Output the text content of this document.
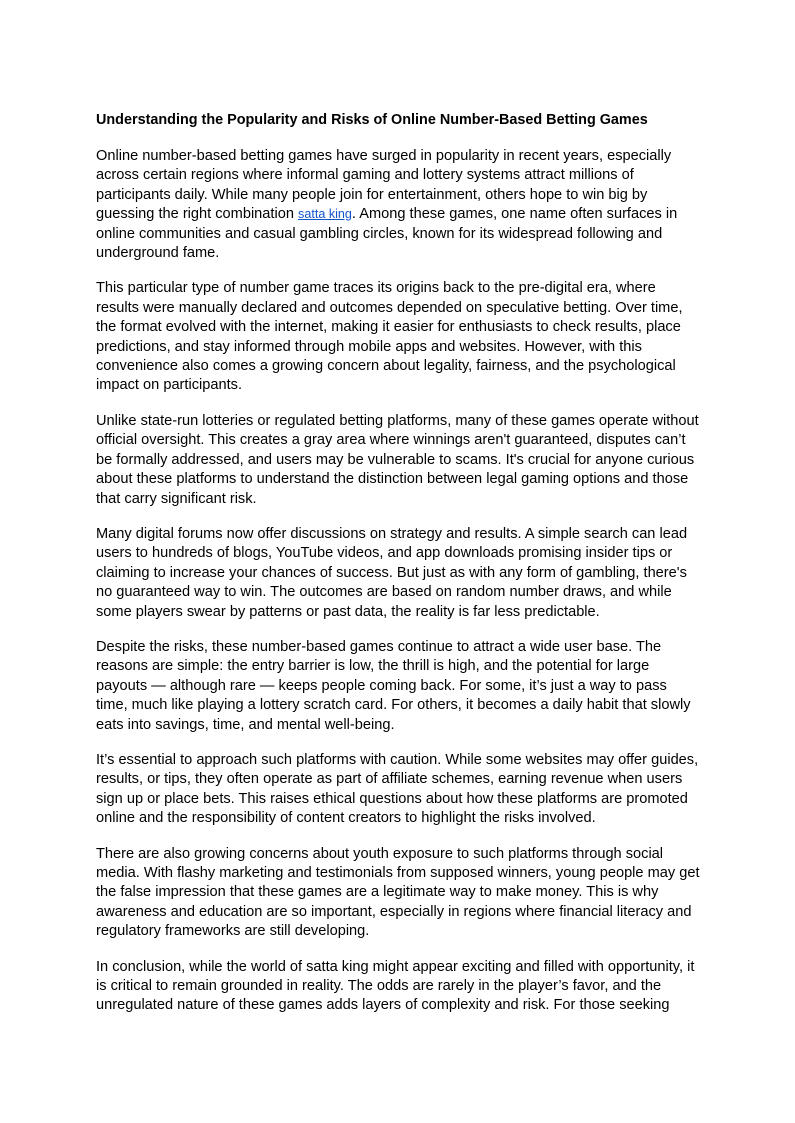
Understanding the Popularity and Risks of Online Number-Based Betting Games

Online number-based betting games have surged in popularity in recent years, especially across certain regions where informal gaming and lottery systems attract millions of participants daily. While many people join for entertainment, others hope to win big by guessing the right combination satta king. Among these games, one name often surfaces in online communities and casual gambling circles, known for its widespread following and underground fame.

This particular type of number game traces its origins back to the pre-digital era, where results were manually declared and outcomes depended on speculative betting. Over time, the format evolved with the internet, making it easier for enthusiasts to check results, place predictions, and stay informed through mobile apps and websites. However, with this convenience also comes a growing concern about legality, fairness, and the psychological impact on participants.

Unlike state-run lotteries or regulated betting platforms, many of these games operate without official oversight. This creates a gray area where winnings aren't guaranteed, disputes can’t be formally addressed, and users may be vulnerable to scams. It's crucial for anyone curious about these platforms to understand the distinction between legal gaming options and those that carry significant risk.

Many digital forums now offer discussions on strategy and results. A simple search can lead users to hundreds of blogs, YouTube videos, and app downloads promising insider tips or claiming to increase your chances of success. But just as with any form of gambling, there's no guaranteed way to win. The outcomes are based on random number draws, and while some players swear by patterns or past data, the reality is far less predictable.

Despite the risks, these number-based games continue to attract a wide user base. The reasons are simple: the entry barrier is low, the thrill is high, and the potential for large payouts — although rare — keeps people coming back. For some, it’s just a way to pass time, much like playing a lottery scratch card. For others, it becomes a daily habit that slowly eats into savings, time, and mental well-being.

It’s essential to approach such platforms with caution. While some websites may offer guides, results, or tips, they often operate as part of affiliate schemes, earning revenue when users sign up or place bets. This raises ethical questions about how these platforms are promoted online and the responsibility of content creators to highlight the risks involved.

There are also growing concerns about youth exposure to such platforms through social media. With flashy marketing and testimonials from supposed winners, young people may get the false impression that these games are a legitimate way to make money. This is why awareness and education are so important, especially in regions where financial literacy and regulatory frameworks are still developing.

In conclusion, while the world of satta king might appear exciting and filled with opportunity, it is critical to remain grounded in reality. The odds are rarely in the player’s favor, and the unregulated nature of these games adds layers of complexity and risk. For those seeking
